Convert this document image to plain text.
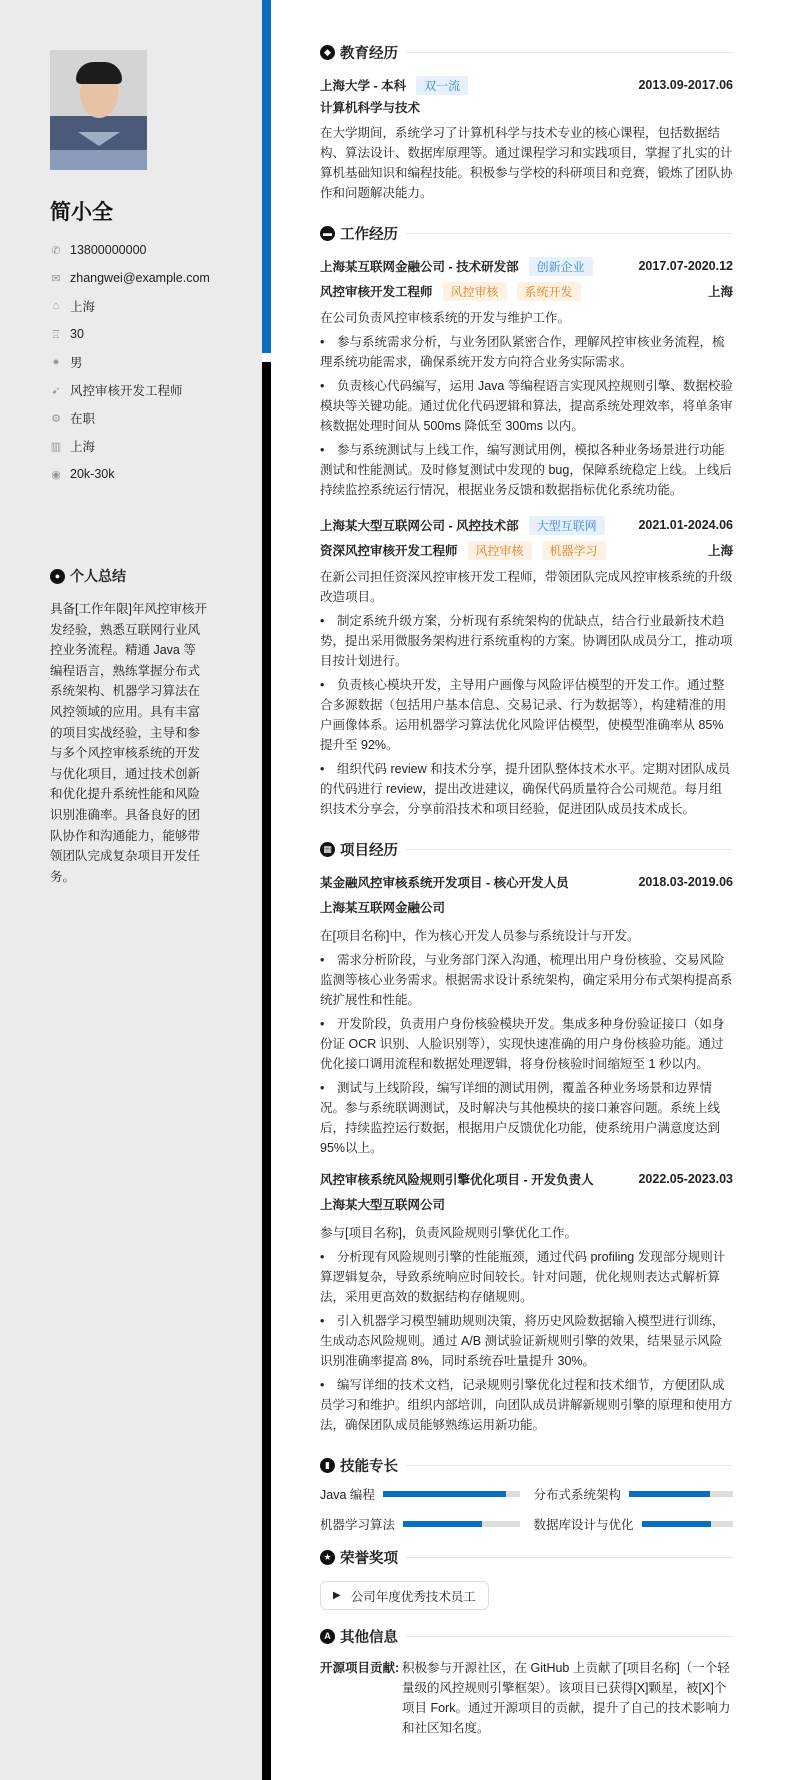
简小全
✆ 13800000000
✉ zhangwei@example.com
⌂ 上海
♖ 30
● 男
➹ 风控审核开发工程师
⚙ 在职
▥ 上海
◉ 20k-30k
● 个人总结
具备[工作年限]年风控审核开发经验，熟悉互联网行业风控业务流程。精通 Java 等编程语言，熟练掌握分布式系统架构、机器学习算法在风控领域的应用。具有丰富的项目实战经验，主导和参与多个风控审核系统的开发与优化项目，通过技术创新和优化提升系统性能和风险识别准确率。具备良好的团队协作和沟通能力，能够带领团队完成复杂项目开发任务。
◆ 教育经历
上海大学 - 本科	双一流	2013.09-2017.06
计算机科学与技术
在大学期间，系统学习了计算机科学与技术专业的核心课程，包括数据结构、算法设计、数据库原理等。通过课程学习和实践项目，掌握了扎实的计算机基础知识和编程技能。积极参与学校的科研项目和竞赛，锻炼了团队协作和问题解决能力。
▬ 工作经历
上海某互联网金融公司 - 技术研发部	创新企业	2017.07-2020.12
风控审核开发工程师	风控审核	系统开发	上海
在公司负责风控审核系统的开发与维护工作。
• 参与系统需求分析，与业务团队紧密合作，理解风控审核业务流程，梳理系统功能需求，确保系统开发方向符合业务实际需求。
• 负责核心代码编写，运用 Java 等编程语言实现风控规则引擎、数据校验模块等关键功能。通过优化代码逻辑和算法，提高系统处理效率，将单条审核数据处理时间从 500ms 降低至 300ms 以内。
• 参与系统测试与上线工作，编写测试用例，模拟各种业务场景进行功能测试和性能测试。及时修复测试中发现的 bug，保障系统稳定上线。上线后持续监控系统运行情况，根据业务反馈和数据指标优化系统功能。
上海某大型互联网公司 - 风控技术部	大型互联网	2021.01-2024.06
资深风控审核开发工程师	风控审核	机器学习	上海
在新公司担任资深风控审核开发工程师，带领团队完成风控审核系统的升级改造项目。
• 制定系统升级方案，分析现有系统架构的优缺点，结合行业最新技术趋势，提出采用微服务架构进行系统重构的方案。协调团队成员分工，推动项目按计划进行。
• 负责核心模块开发，主导用户画像与风险评估模型的开发工作。通过整合多源数据（包括用户基本信息、交易记录、行为数据等），构建精准的用户画像体系。运用机器学习算法优化风险评估模型，使模型准确率从 85%提升至 92%。
• 组织代码 review 和技术分享，提升团队整体技术水平。定期对团队成员的代码进行 review，提出改进建议，确保代码质量符合公司规范。每月组织技术分享会，分享前沿技术和项目经验，促进团队成员技术成长。
▦ 项目经历
某金融风控审核系统开发项目 - 核心开发人员	2018.03-2019.06
上海某互联网金融公司
在[项目名称]中，作为核心开发人员参与系统设计与开发。
• 需求分析阶段，与业务部门深入沟通，梳理出用户身份核验、交易风险监测等核心业务需求。根据需求设计系统架构，确定采用分布式架构提高系统扩展性和性能。
• 开发阶段，负责用户身份核验模块开发。集成多种身份验证接口（如身份证 OCR 识别、人脸识别等），实现快速准确的用户身份核验功能。通过优化接口调用流程和数据处理逻辑，将身份核验时间缩短至 1 秒以内。
• 测试与上线阶段，编写详细的测试用例，覆盖各种业务场景和边界情况。参与系统联调测试，及时解决与其他模块的接口兼容问题。系统上线后，持续监控运行数据，根据用户反馈优化功能，使系统用户满意度达到 95%以上。
风控审核系统风险规则引擎优化项目 - 开发负责人	2022.05-2023.03
上海某大型互联网公司
参与[项目名称]，负责风险规则引擎优化工作。
• 分析现有风险规则引擎的性能瓶颈，通过代码 profiling 发现部分规则计算逻辑复杂，导致系统响应时间较长。针对问题，优化规则表达式解析算法，采用更高效的数据结构存储规则。
• 引入机器学习模型辅助规则决策，将历史风险数据输入模型进行训练，生成动态风险规则。通过 A/B 测试验证新规则引擎的效果，结果显示风险识别准确率提高 8%，同时系统吞吐量提升 30%。
• 编写详细的技术文档，记录规则引擎优化过程和技术细节，方便团队成员学习和维护。组织内部培训，向团队成员讲解新规则引擎的原理和使用方法，确保团队成员能够熟练运用新功能。
▮ 技能专长
Java 编程	分布式系统架构
机器学习算法	数据库设计与优化
★ 荣誉奖项
▶ 公司年度优秀技术员工
A 其他信息
开源项目贡献: 积极参与开源社区，在 GitHub 上贡献了[项目名称]（一个轻量级的风控规则引擎框架）。该项目已获得[X]颗星，被[X]个项目 Fork。通过开源项目的贡献，提升了自己的技术影响力和社区知名度。
